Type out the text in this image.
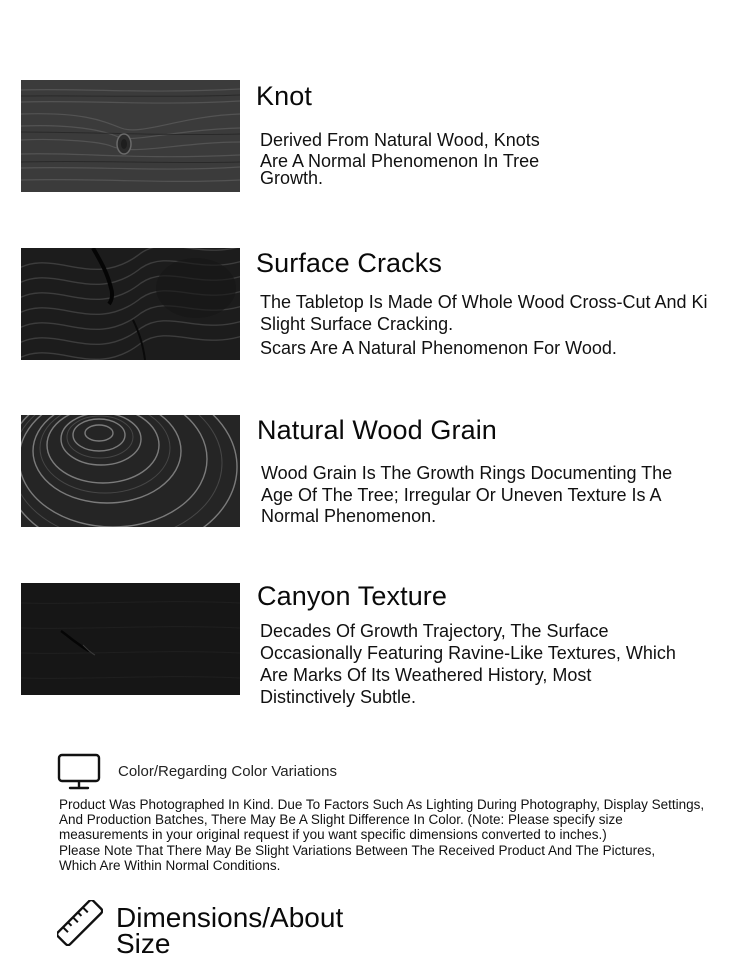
Knot

Derived From Natural Wood, Knots

Are A Normal Phenomenon In Tree

Growth.

Surface Cracks

The Tabletop Is Made Of Whole Wood Cross-Cut And Ki

Slight Surface Cracking.

Scars Are A Natural Phenomenon For Wood.

Natural Wood Grain

Wood Grain Is The Growth Rings Documenting The

Age Of The Tree; Irregular Or Uneven Texture Is A

Normal Phenomenon.

Canyon Texture

Decades Of Growth Trajectory, The Surface

Occasionally Featuring Ravine-Like Textures, Which

Are Marks Of Its Weathered History, Most

Distinctively Subtle.

Color/Regarding Color Variations

Product Was Photographed In Kind. Due To Factors Such As Lighting During Photography, Display Settings,

And Production Batches, There May Be A Slight Difference In Color. (Note: Please specify size

measurements in your original request if you want specific dimensions converted to inches.)

Please Note That There May Be Slight Variations Between The Received Product And The Pictures,

Which Are Within Normal Conditions.

Dimensions/About
Size
